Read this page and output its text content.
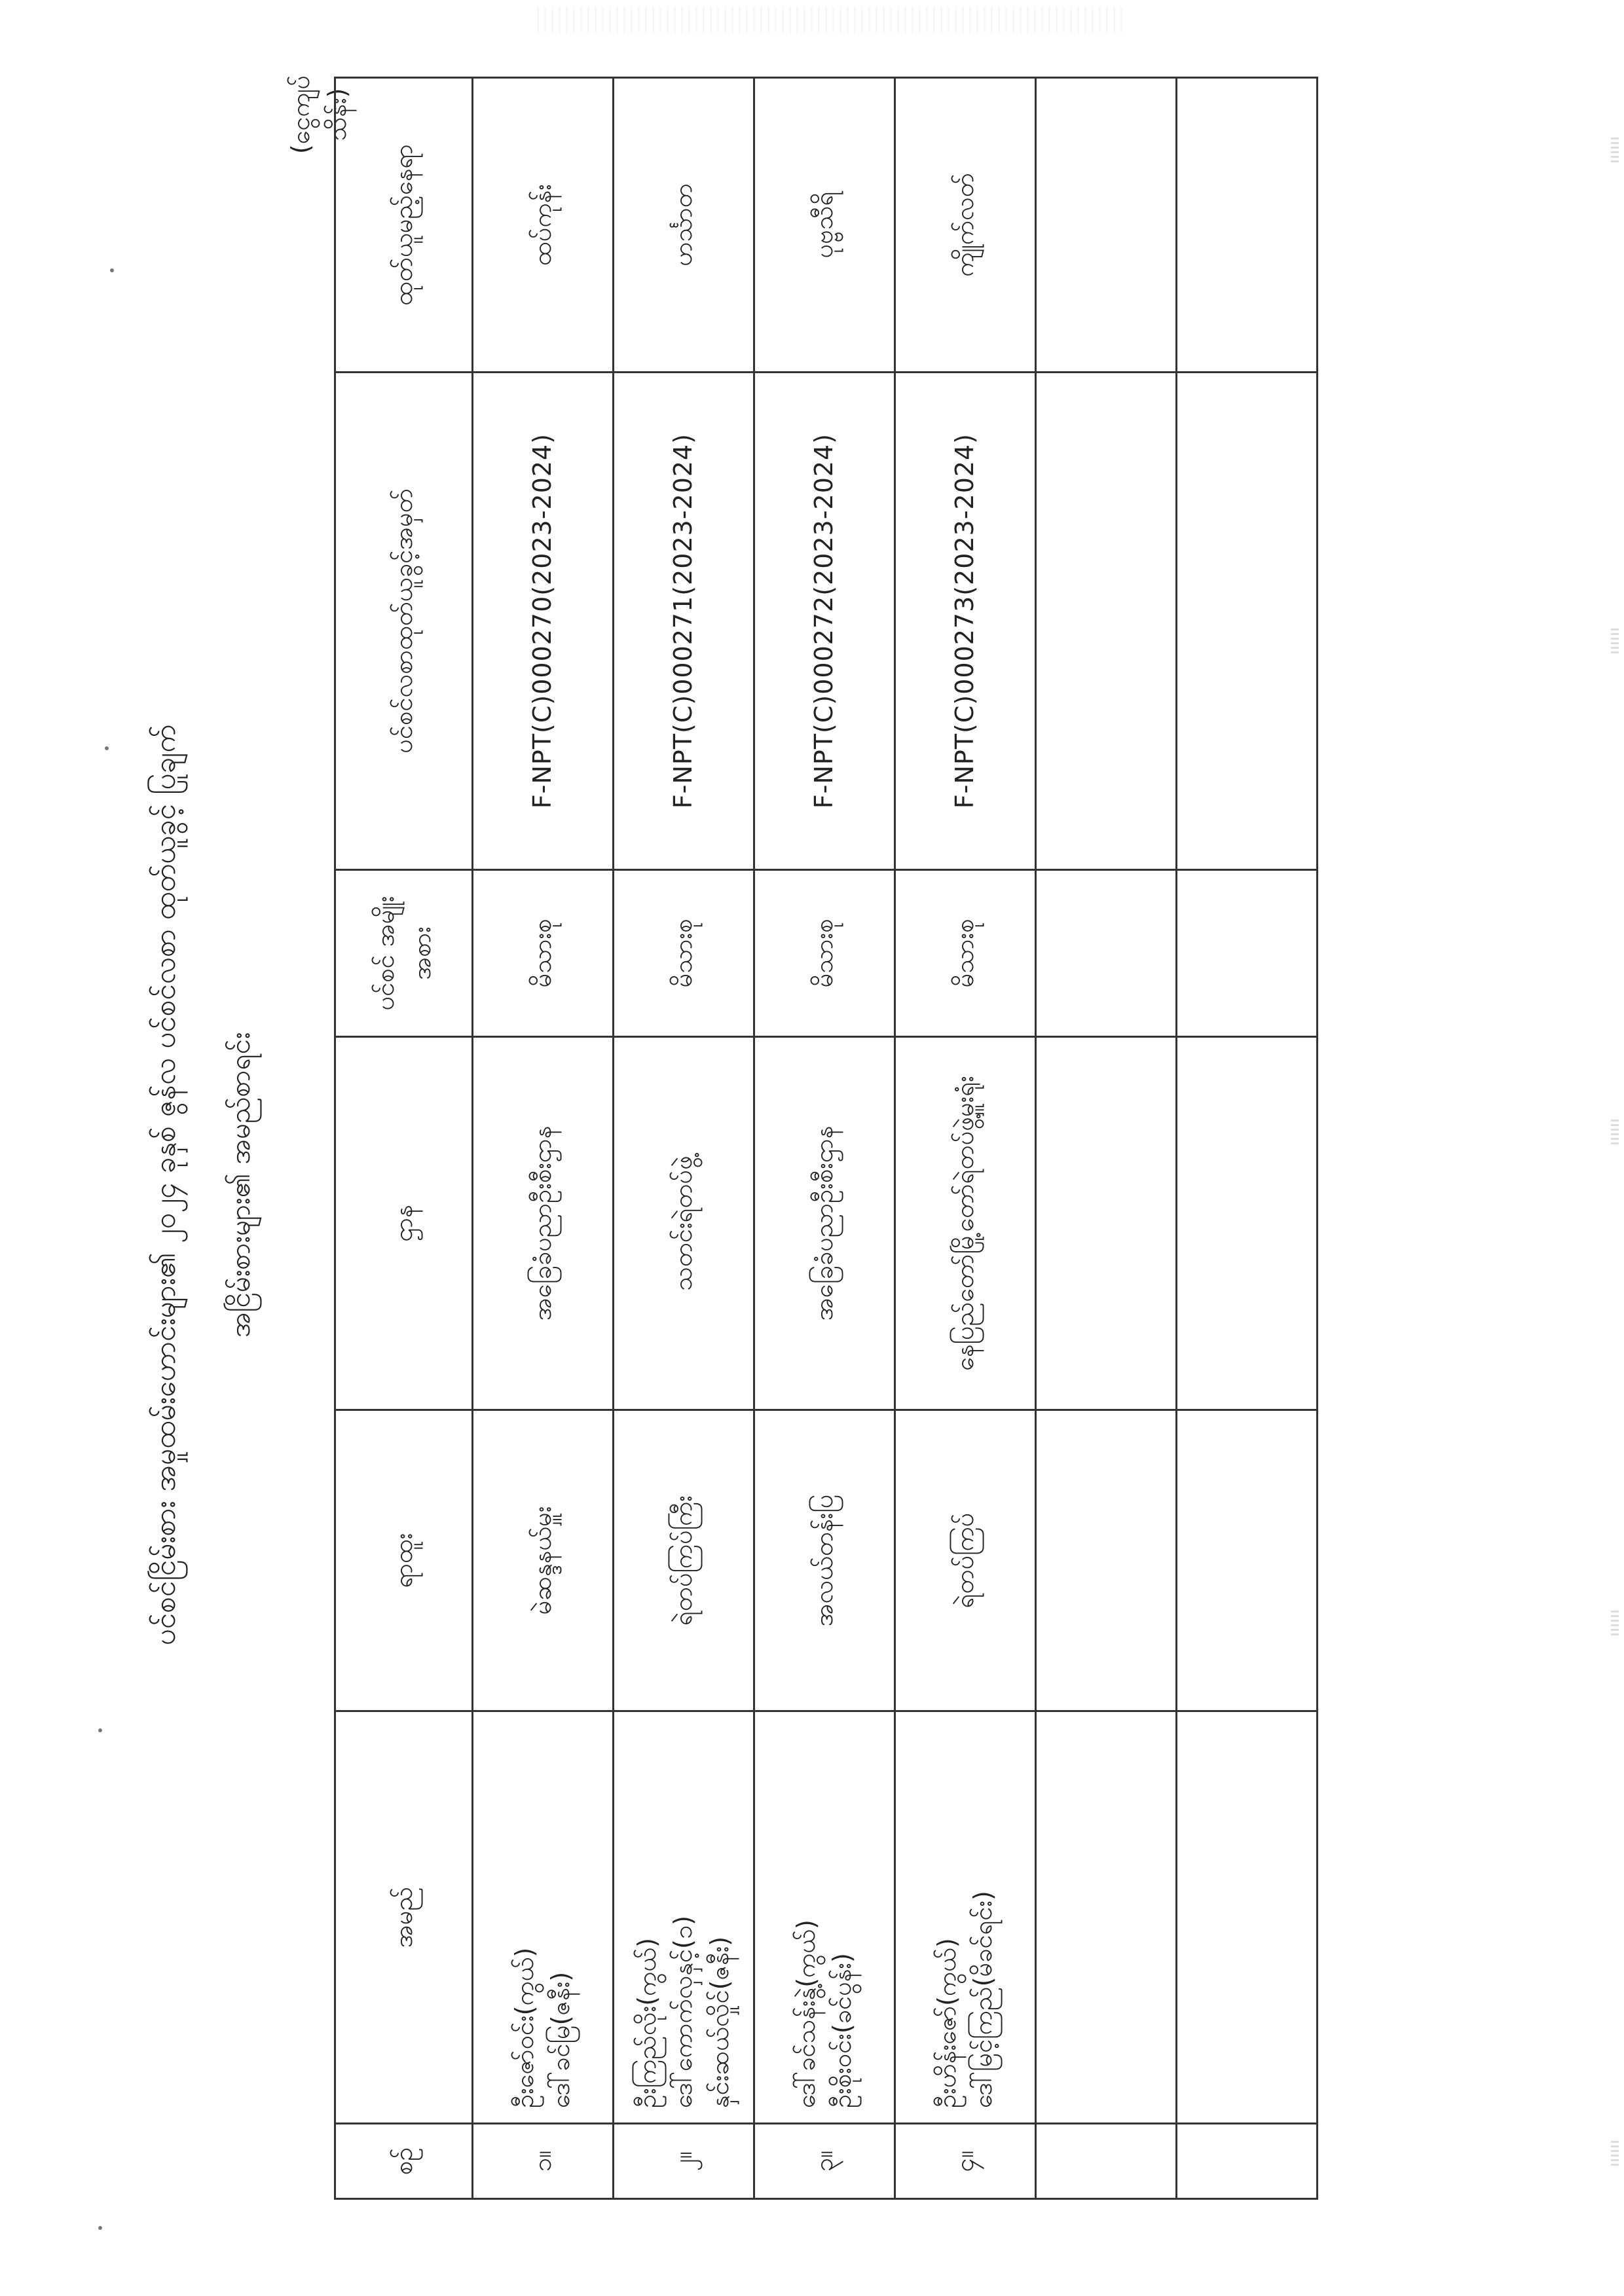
ပင်စင်ငြိမ်းစား အမှုထမ်းဟောင်းများ၏ ၂၀၂၄ ခုနှစ် ဇွန်လ ပင်စင်လစာ ထုတ်ယူခွင့် ပြုချက် အငြိမ်းစားများ၏ အမည်စာရင်း
(ငွေကျပ်သိန်း)
စဉ်	အမည်	ရာထူး	ဌာန	ပင်စင် အမျိုးအစား	ပင်စင်လစာထုတ်ယူခွင့်အမှတ်	ထုတ်ယူမည့်နေရာ
၁။	ဦးဇော်ဝင်း(ကွယ်) ဒေါ်ခင်မြ(ဇနီး)	မဲဆန္ဒနယ်မှူး	အခြေခံပညာဦးစီးဌာန	မိသားစု	F-NPT(C)000270(2023-2024)	ထပ်ကုန်း
၂။	ဦးကြည်လိုး(ကွယ်) ဒေါ်ကောက်လှနှင့်(၁) နှင်းဆယ်လှိုင်(ဇနီး)	ရဲတပ်ကြပ်ကြီး	သတင်းရဲတပ်ဖွဲ့	မိသားစု	F-NPT(C)000271(2023-2024)	ဟင်္သာတ
၃။	ဒေါ်ခင်သန်းနွဲ့(ကွယ်) ဦးစိုးဝင်း(ခင်ပွန်း)	အလယ်တန်းပြ	အခြေခံပညာဦးစီးဌာန	မိသားစု	F-NPT(C)000272(2023-2024)	ပုဗ္ဗသီရိ
၄။	ဦးဟိန်းဇော်(ကွယ်) ဒေါ်မြင့်ကြည်(မိခင်ရင်း)	ရဲတပ်ကြပ်	နေပြည်တော်မြို့တော်ရဲတပ်ဖွဲ့မှူးရုံး	မိသားစု	F-NPT(C)000273(2023-2024)	ကျိုက်လတ်
